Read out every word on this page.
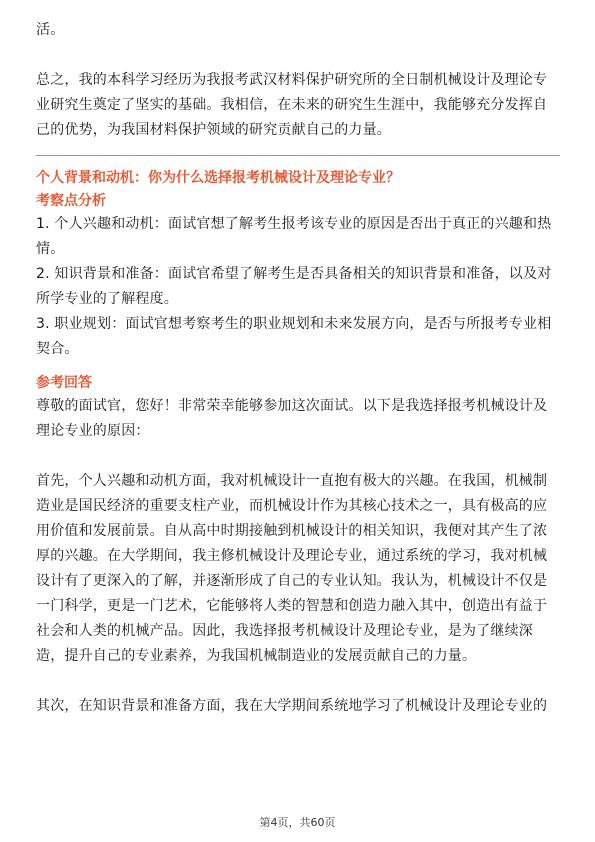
活。

总之，我的本科学习经历为我报考武汉材料保护研究所的全日制机械设计及理论专业研究生奠定了坚实的基础。我相信，在未来的研究生生涯中，我能够充分发挥自己的优势，为我国材料保护领域的研究贡献自己的力量。

个人背景和动机：你为什么选择报考机械设计及理论专业？
考察点分析

1. 个人兴趣和动机：面试官想了解考生报考该专业的原因是否出于真正的兴趣和热情。

2. 知识背景和准备：面试官希望了解考生是否具备相关的知识背景和准备，以及对所学专业的了解程度。

3. 职业规划：面试官想考察考生的职业规划和未来发展方向，是否与所报考专业相契合。

参考回答

尊敬的面试官，您好！非常荣幸能够参加这次面试。以下是我选择报考机械设计及理论专业的原因：

首先，个人兴趣和动机方面，我对机械设计一直抱有极大的兴趣。在我国，机械制造业是国民经济的重要支柱产业，而机械设计作为其核心技术之一，具有极高的应用价值和发展前景。自从高中时期接触到机械设计的相关知识，我便对其产生了浓厚的兴趣。在大学期间，我主修机械设计及理论专业，通过系统的学习，我对机械设计有了更深入的了解，并逐渐形成了自己的专业认知。我认为，机械设计不仅是一门科学，更是一门艺术，它能够将人类的智慧和创造力融入其中，创造出有益于社会和人类的机械产品。因此，我选择报考机械设计及理论专业，是为了继续深造，提升自己的专业素养，为我国机械制造业的发展贡献自己的力量。

其次，在知识背景和准备方面，我在大学期间系统地学习了机械设计及理论专业的

第4页，共60页
